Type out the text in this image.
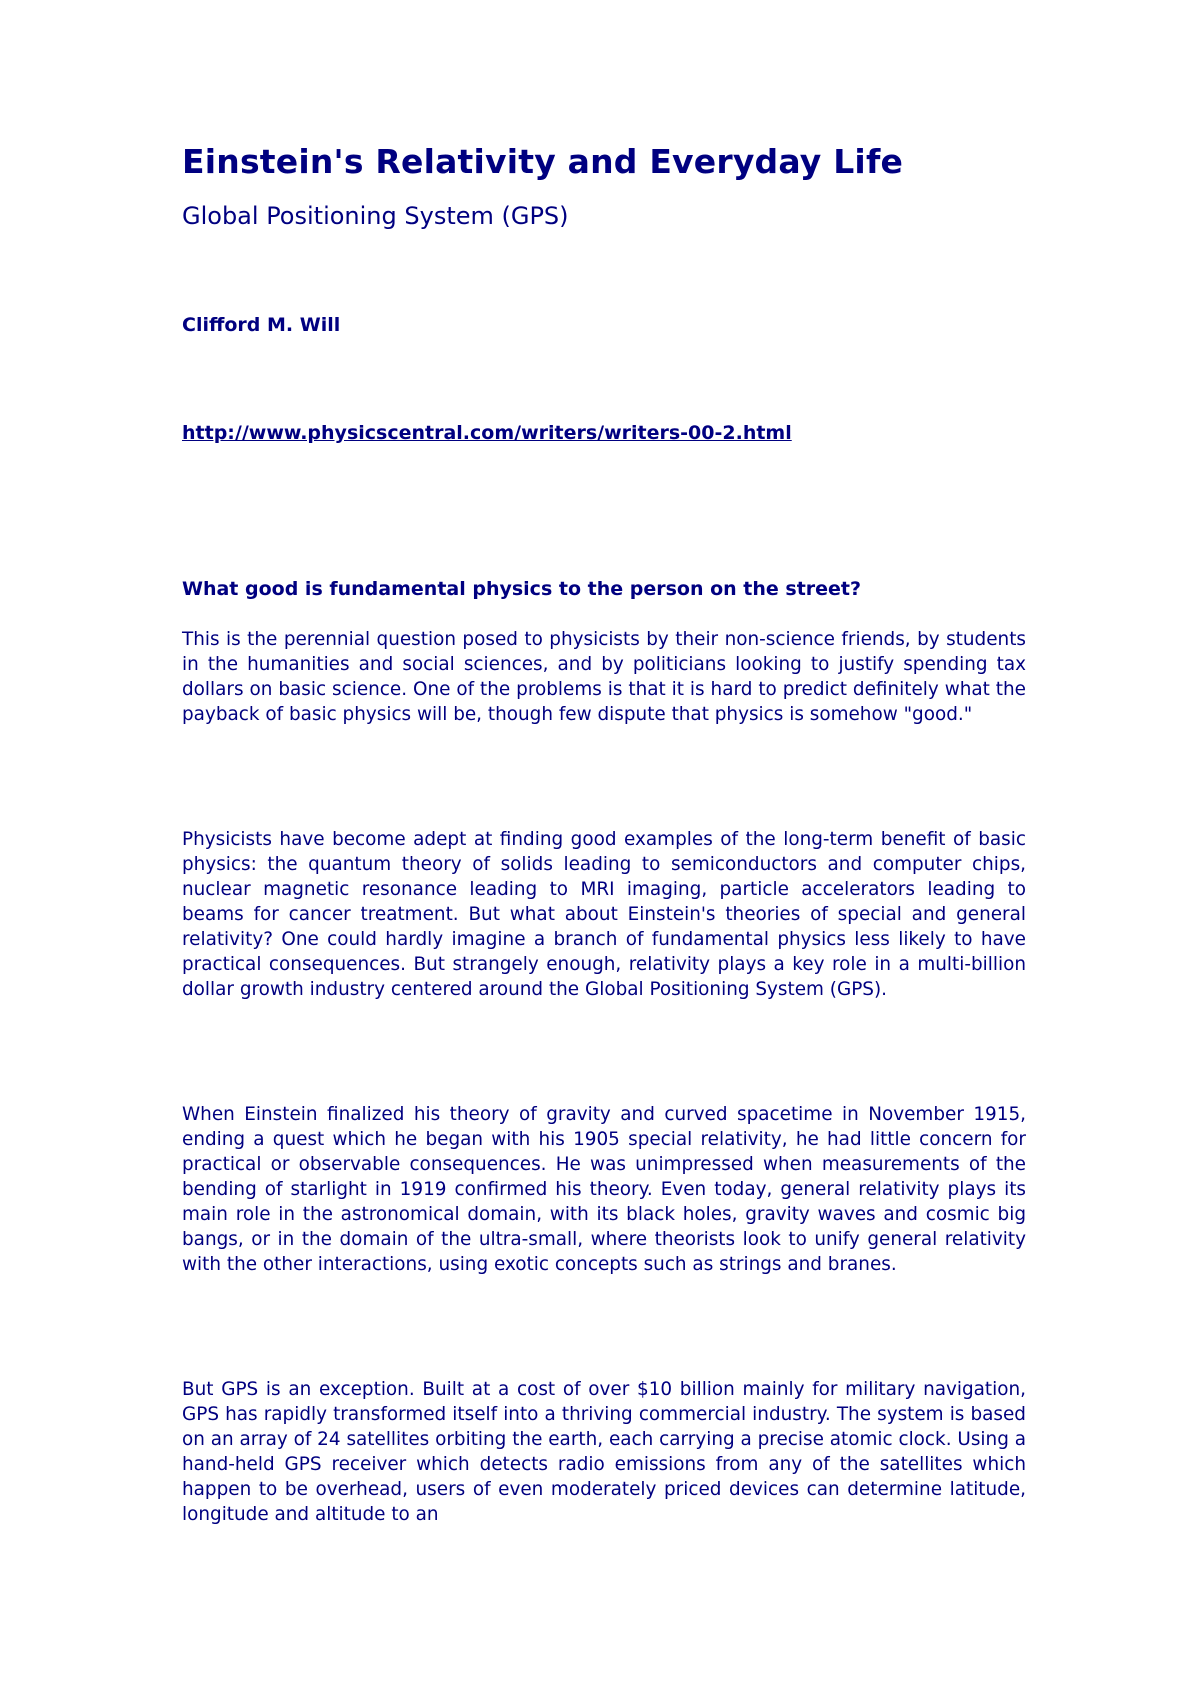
Einstein's Relativity and Everyday Life
Global Positioning System (GPS)

Clifford M. Will

http://www.physicscentral.com/writers/writers-00-2.html

What good is fundamental physics to the person on the street?

This is the perennial question posed to physicists by their non-science friends, by students in the humanities and social sciences, and by politicians looking to justify spending tax dollars on basic science. One of the problems is that it is hard to predict definitely what the payback of basic physics will be, though few dispute that physics is somehow "good."

Physicists have become adept at finding good examples of the long-term benefit of basic physics: the quantum theory of solids leading to semiconductors and computer chips, nuclear magnetic resonance leading to MRI imaging, particle accelerators leading to beams for cancer treatment. But what about Einstein's theories of special and general relativity? One could hardly imagine a branch of fundamental physics less likely to have practical consequences. But strangely enough, relativity plays a key role in a multi-billion dollar growth industry centered around the Global Positioning System (GPS).

When Einstein finalized his theory of gravity and curved spacetime in November 1915, ending a quest which he began with his 1905 special relativity, he had little concern for practical or observable consequences. He was unimpressed when measurements of the bending of starlight in 1919 confirmed his theory. Even today, general relativity plays its main role in the astronomical domain, with its black holes, gravity waves and cosmic big bangs, or in the domain of the ultra-small, where theorists look to unify general relativity with the other interactions, using exotic concepts such as strings and branes.

But GPS is an exception. Built at a cost of over $10 billion mainly for military navigation, GPS has rapidly transformed itself into a thriving commercial industry. The system is based on an array of 24 satellites orbiting the earth, each carrying a precise atomic clock. Using a hand-held GPS receiver which detects radio emissions from any of the satellites which happen to be overhead, users of even moderately priced devices can determine latitude, longitude and altitude to an
